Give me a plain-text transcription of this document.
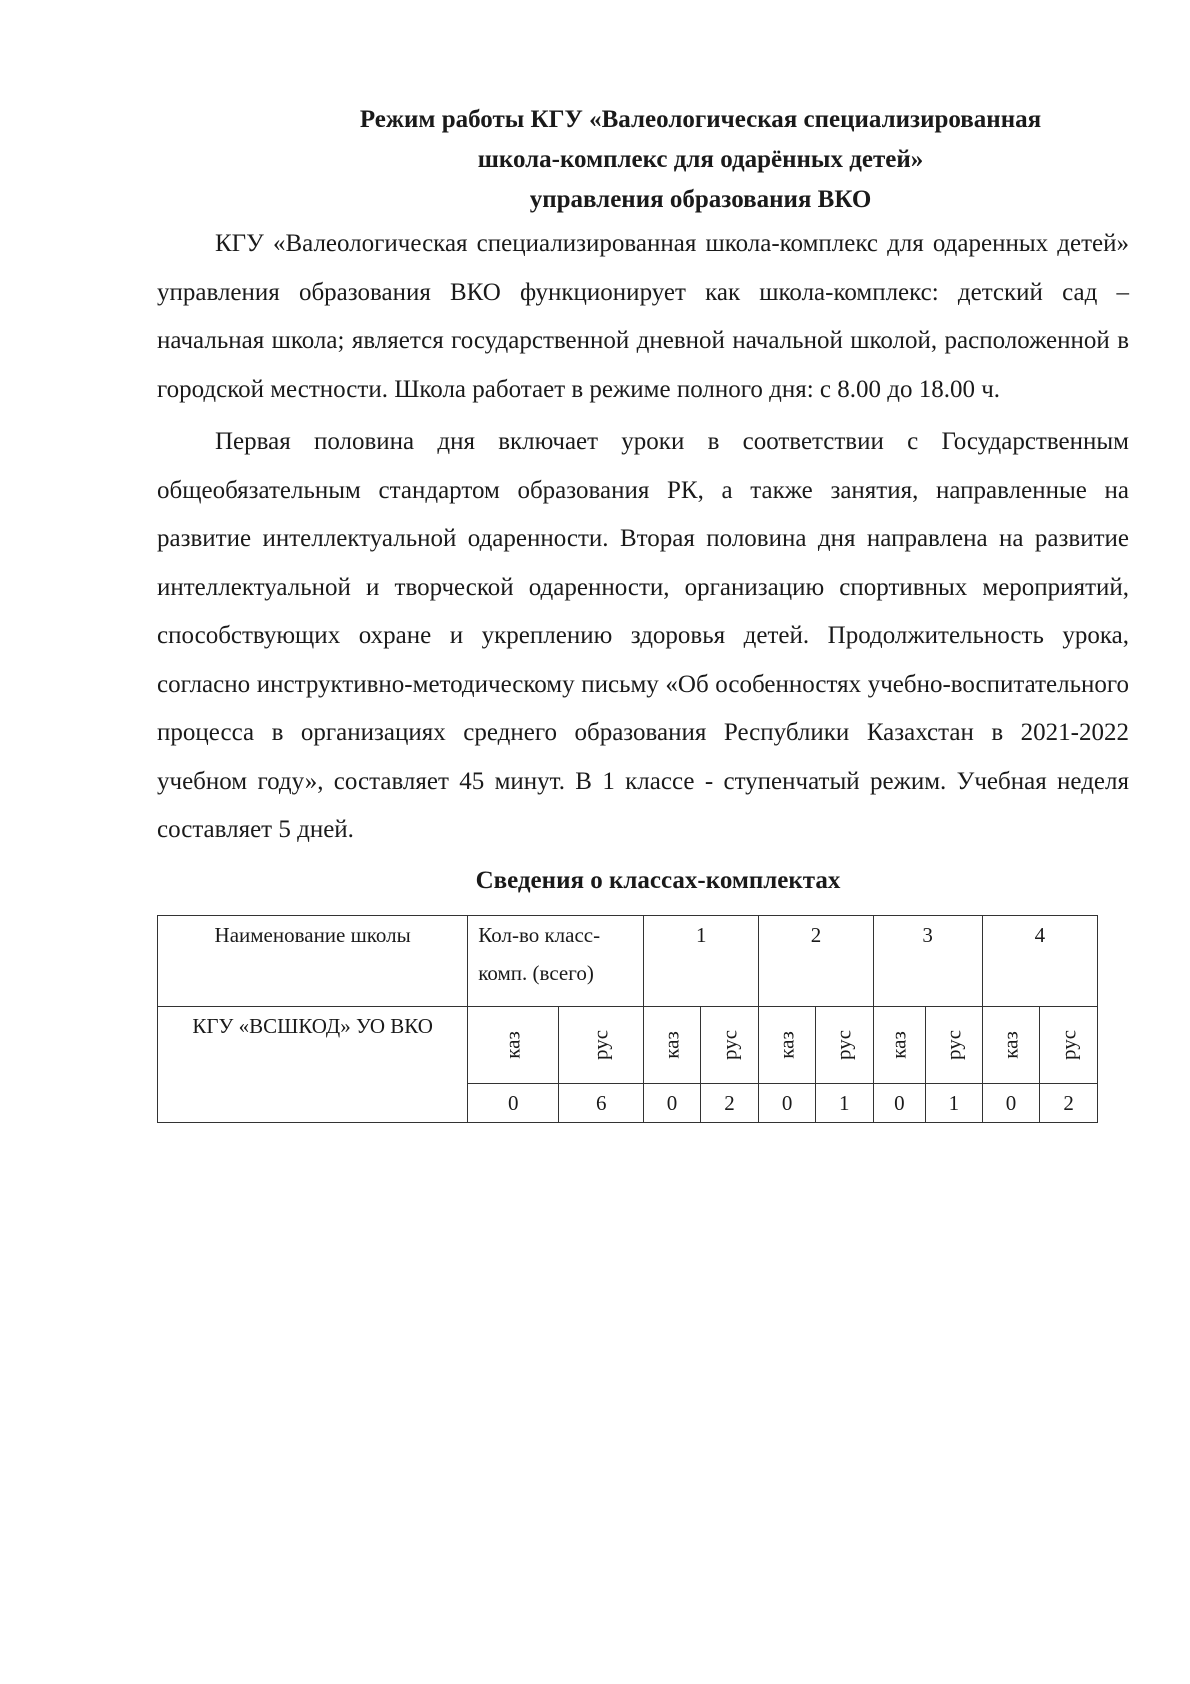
Режим работы КГУ «Валеологическая специализированная
школа-комплекс для одарённых детей»
управления образования ВКО

КГУ «Валеологическая специализированная школа-комплекс для одаренных детей» управления образования ВКО функционирует как школа-комплекс: детский сад – начальная школа; является государственной дневной начальной школой, расположенной в городской местности. Школа работает в режиме полного дня: с 8.00 до 18.00 ч.

Первая половина дня включает уроки в соответствии с Государственным общеобязательным стандартом образования РК, а также занятия, направленные на развитие интеллектуальной одаренности. Вторая половина дня направлена на развитие интеллектуальной и творческой одаренности, организацию спортивных мероприятий, способствующих охране и укреплению здоровья детей. Продолжительность урока, согласно инструктивно-методическому письму «Об особенностях учебно-воспитательного процесса в организациях среднего образования Республики Казахстан в 2021-2022 учебном году», составляет 45 минут. В 1 классе - ступенчатый режим. Учебная неделя составляет 5 дней.

Сведения о классах-комплектах
Наименование школы	Кол-во класс-комп. (всего)		1		2		3		4	
КГУ «ВСШКОД» УО ВКО	каз	рус	каз	рус	каз	рус	каз	рус	каз	рус

	0	6	0	2	0	1	0	1	0	2
